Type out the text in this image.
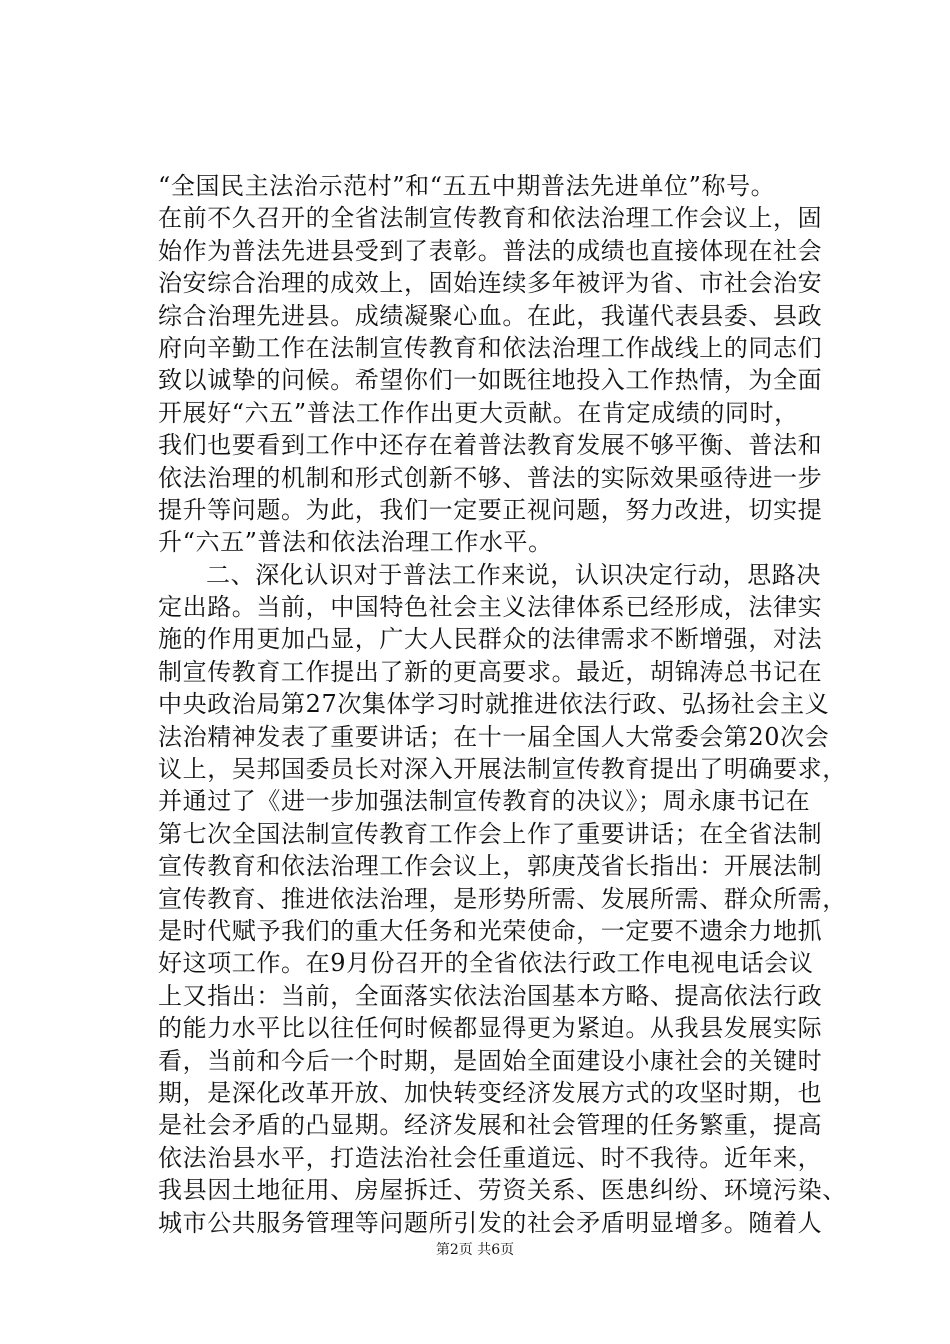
“全国民主法治示范村”和“五五中期普法先进单位”称号。
在前不久召开的全省法制宣传教育和依法治理工作会议上，固
始作为普法先进县受到了表彰。普法的成绩也直接体现在社会
治安综合治理的成效上，固始连续多年被评为省、市社会治安
综合治理先进县。成绩凝聚心血。在此，我谨代表县委、县政
府向辛勤工作在法制宣传教育和依法治理工作战线上的同志们
致以诚挚的问候。希望你们一如既往地投入工作热情，为全面
开展好“六五”普法工作作出更大贡献。在肯定成绩的同时，
我们也要看到工作中还存在着普法教育发展不够平衡、普法和
依法治理的机制和形式创新不够、普法的实际效果亟待进一步
提升等问题。为此，我们一定要正视问题，努力改进，切实提
升“六五”普法和依法治理工作水平。
二、深化认识对于普法工作来说，认识决定行动，思路决
定出路。当前，中国特色社会主义法律体系已经形成，法律实
施的作用更加凸显，广大人民群众的法律需求不断增强，对法
制宣传教育工作提出了新的更高要求。最近，胡锦涛总书记在
中央政治局第27次集体学习时就推进依法行政、弘扬社会主义
法治精神发表了重要讲话；在十一届全国人大常委会第20次会
议上，吴邦国委员长对深入开展法制宣传教育提出了明确要求，
并通过了《进一步加强法制宣传教育的决议》；周永康书记在
第七次全国法制宣传教育工作会上作了重要讲话；在全省法制
宣传教育和依法治理工作会议上，郭庚茂省长指出：开展法制
宣传教育、推进依法治理，是形势所需、发展所需、群众所需，
是时代赋予我们的重大任务和光荣使命，一定要不遗余力地抓
好这项工作。在9月份召开的全省依法行政工作电视电话会议
上又指出：当前，全面落实依法治国基本方略、提高依法行政
的能力水平比以往任何时候都显得更为紧迫。从我县发展实际
看，当前和今后一个时期，是固始全面建设小康社会的关键时
期，是深化改革开放、加快转变经济发展方式的攻坚时期，也
是社会矛盾的凸显期。经济发展和社会管理的任务繁重，提高
依法治县水平，打造法治社会任重道远、时不我待。近年来，
我县因土地征用、房屋拆迁、劳资关系、医患纠纷、环境污染、
城市公共服务管理等问题所引发的社会矛盾明显增多。随着人
第2页 共6页
